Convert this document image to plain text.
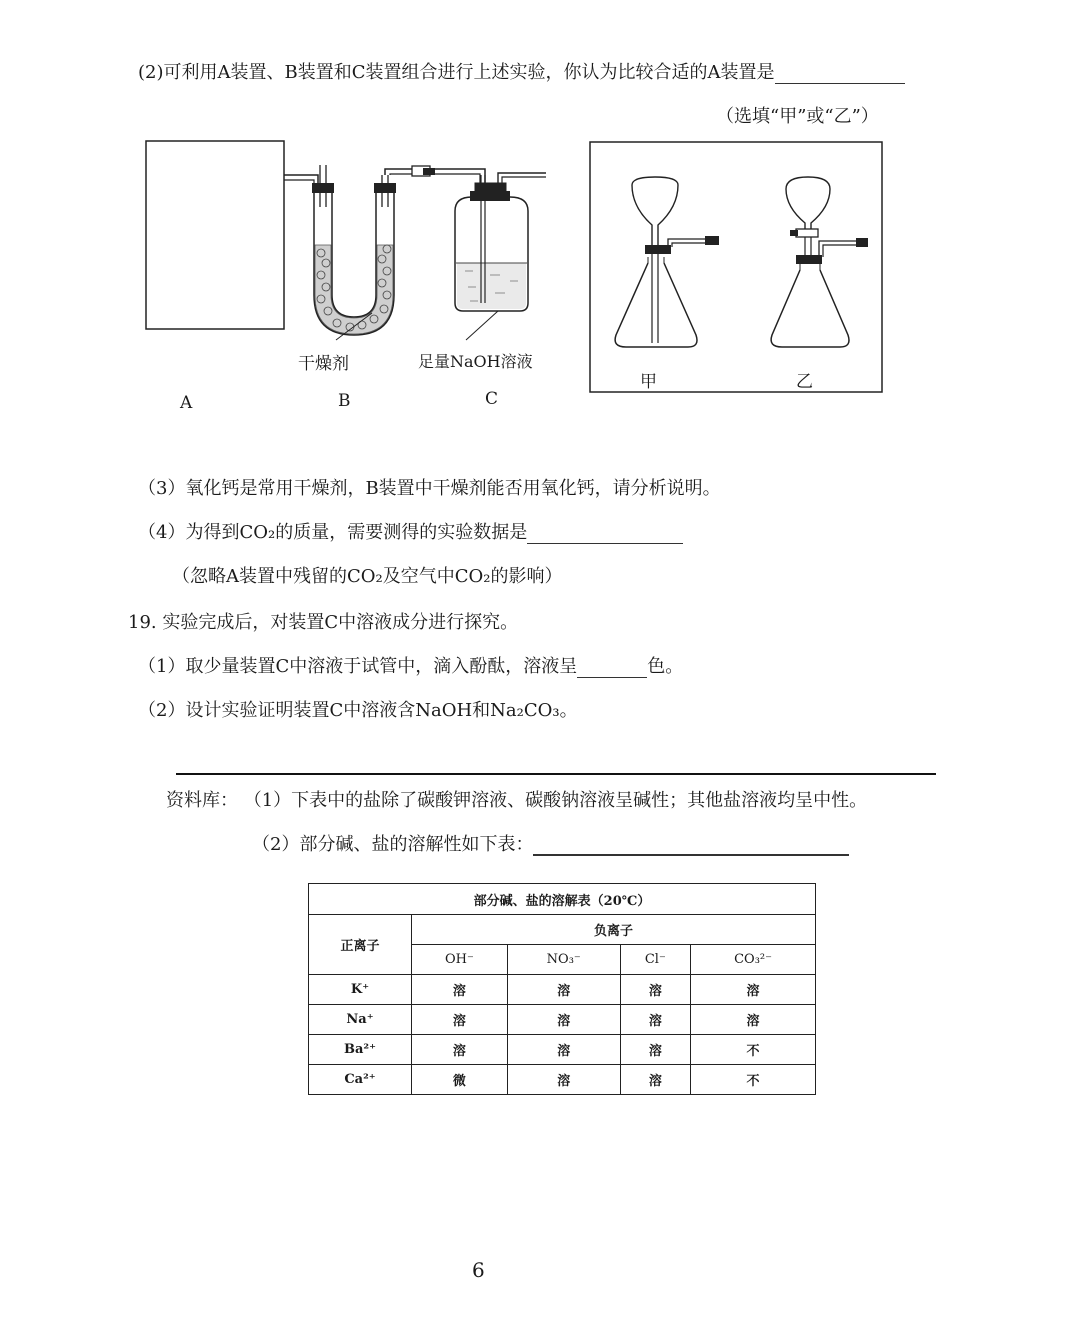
(2)可利用A装置、B装置和C装置组合进行上述实验，你认为比较合适的A装置是
（选填“甲”或“乙”）
干燥剂	足量NaOH溶液
A	B	C
甲	乙
（3）氧化钙是常用干燥剂，B装置中干燥剂能否用氧化钙，请分析说明。
（4）为得到CO₂的质量，需要测得的实验数据是
（忽略A装置中残留的CO₂及空气中CO₂的影响）
19. 实验完成后，对装置C中溶液成分进行探究。
（1）取少量装置C中溶液于试管中，滴入酚酞，溶液呈	色。
（2）设计实验证明装置C中溶液含NaOH和Na₂CO₃。
资料库： （1）下表中的盐除了碳酸钾溶液、碳酸钠溶液呈碱性；其他盐溶液均呈中性。
（2）部分碱、盐的溶解性如下表：
部分碱、盐的溶解表（20℃）				
正离子	负离子			
	OH⁻	NO₃⁻	Cl⁻	CO₃²⁻
K⁺	溶	溶	溶	溶
Na⁺	溶	溶	溶	溶
Ba²⁺	溶	溶	溶	不
Ca²⁺	微	溶	溶	不
6
